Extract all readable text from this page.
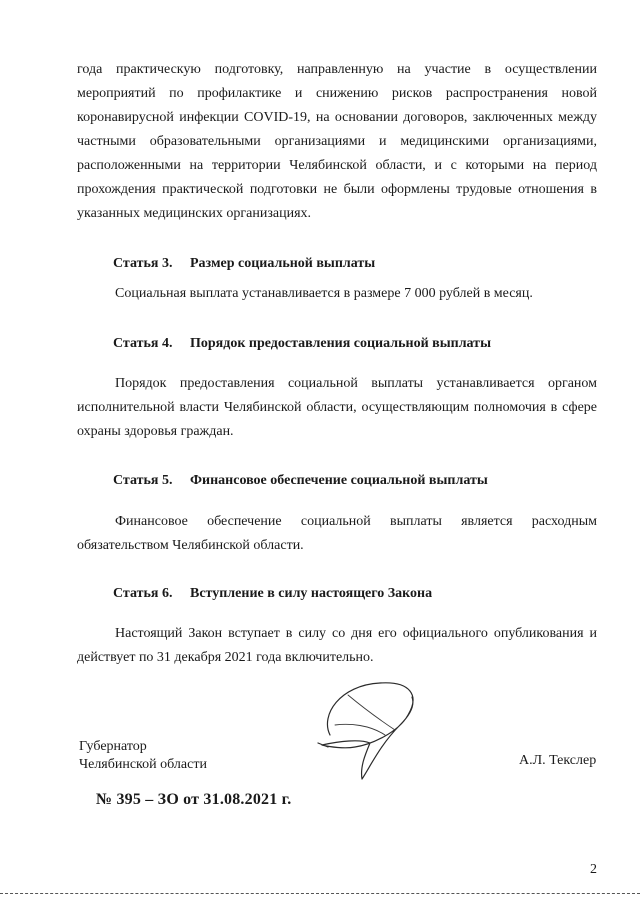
года практическую подготовку, направленную на участие в осуществлении мероприятий по профилактике и снижению рисков распространения новой коронавирусной инфекции COVID-19, на основании договоров, заключенных между частными образовательными организациями и медицинскими организациями, расположенными на территории Челябинской области, и с которыми на период прохождения практической подготовки не были оформлены трудовые отношения в указанных медицинских организациях.

Статья 3. Размер социальной выплаты

Социальная выплата устанавливается в размере 7 000 рублей в месяц.

Статья 4. Порядок предоставления социальной выплаты

Порядок предоставления социальной выплаты устанавливается органом исполнительной власти Челябинской области, осуществляющим полномочия в сфере охраны здоровья граждан.

Статья 5. Финансовое обеспечение социальной выплаты

Финансовое обеспечение социальной выплаты является расходным обязательством Челябинской области.

Статья 6. Вступление в силу настоящего Закона

Настоящий Закон вступает в силу со дня его официального опубликования и действует по 31 декабря 2021 года включительно.

Губернатор
Челябинской области	А.Л. Текслер
№ 395 – ЗО от 31.08.2021 г.
2
